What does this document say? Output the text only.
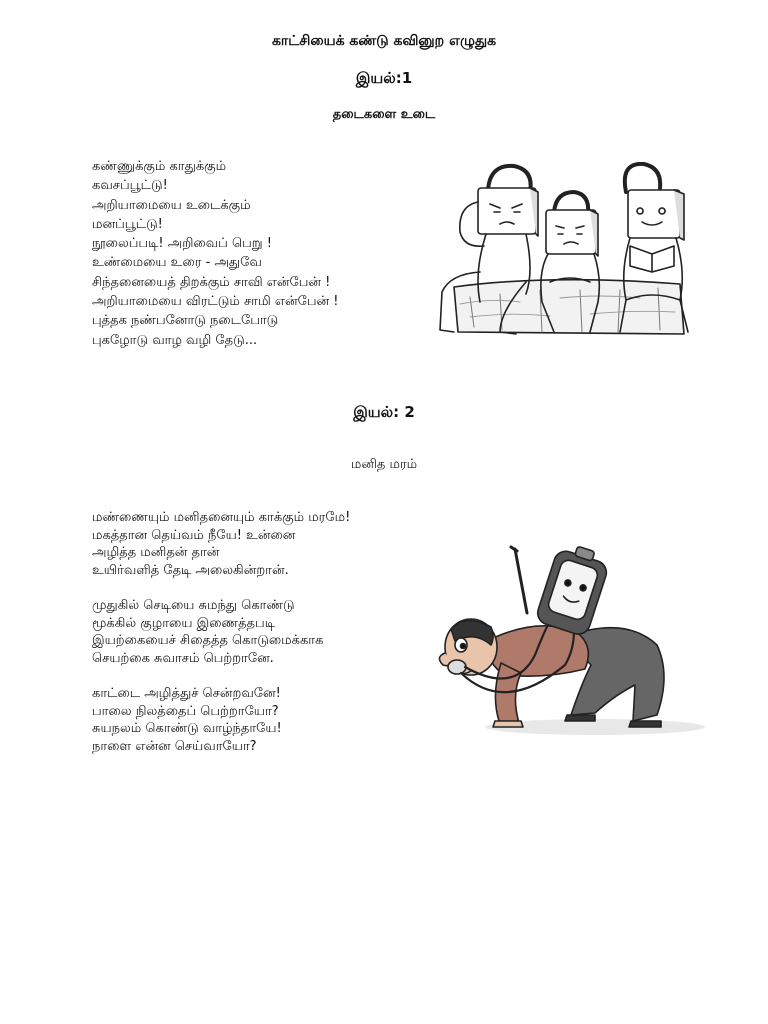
காட்சியைக் கண்டு கவினுற எழுதுக
இயல்:1
தடைகளை உடை
கண்ணுக்கும் காதுக்கும்
கவசப்பூட்டு!
அறியாமையை உடைக்கும்
மனப்பூட்டு!
நூலைப்படி! அறிவைப் பெறு !
உண்மையை உரை - அதுவே
சிந்தனையைத் திறக்கும் சாவி என்பேன் !
அறியாமையை விரட்டும் சாமி என்பேன் !
புத்தக நண்பனோடு நடைபோடு
புகழோடு வாழ வழி தேடு...
இயல்: 2
மனித மரம்
மண்ணையும் மனிதனையும் காக்கும் மரமே!
மகத்தான தெய்வம் நீயே! உன்னை
அழித்த மனிதன் தான்
உயிர்வளித் தேடி அலைகின்றான்.
முதுகில் செடியை சுமந்து கொண்டு
மூக்கில் குழாயை இணைத்தபடி
இயற்கையைச் சிதைத்த கொடுமைக்காக
செயற்கை சுவாசம் பெற்றானே.
காட்டை அழித்துச் சென்றவனே!
பாலை நிலத்தைப் பெற்றாயோ?
சுயநலம் கொண்டு வாழ்ந்தாயே!
நாளை என்ன செய்வாயோ?
